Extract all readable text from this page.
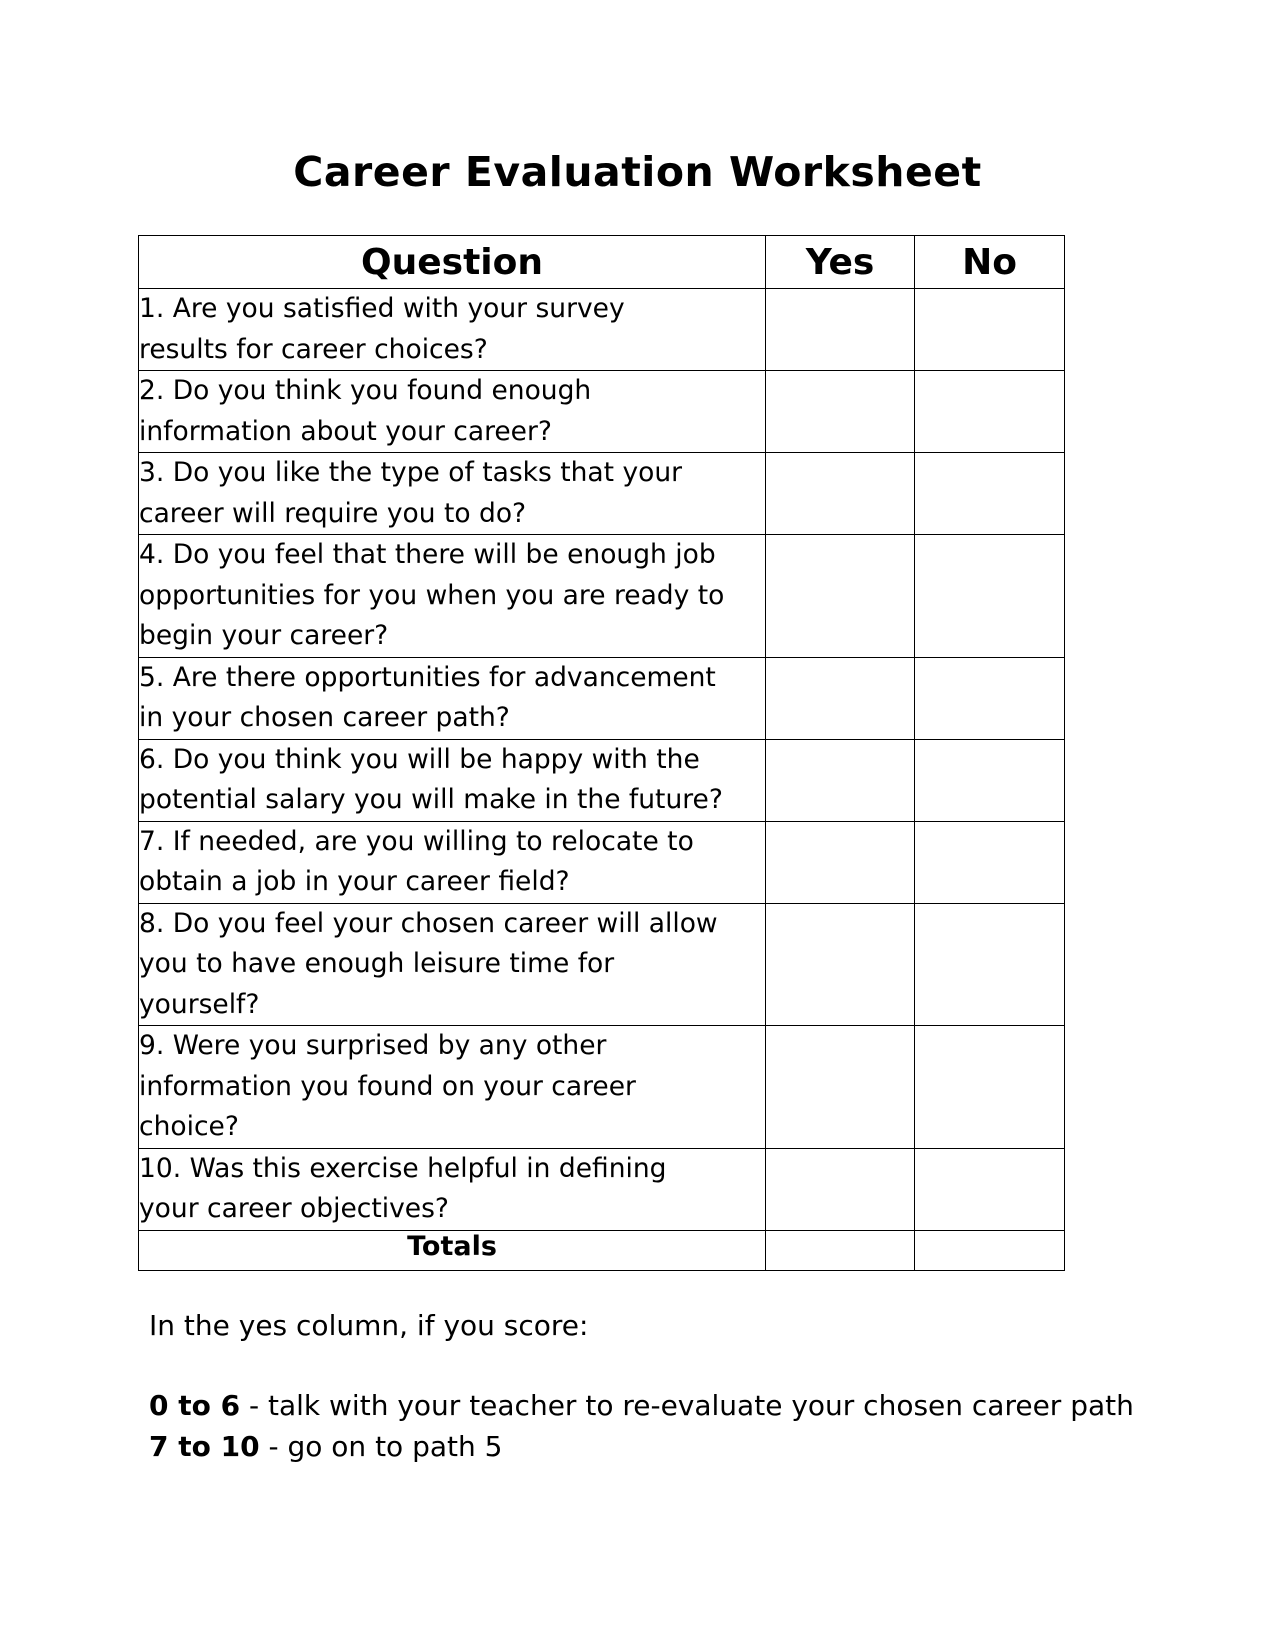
Career Evaluation Worksheet
Question	Yes	No
1. Are you satisfied with your survey
results for career choices?		
2. Do you think you found enough
information about your career?		
3. Do you like the type of tasks that your
career will require you to do?		
4. Do you feel that there will be enough job
opportunities for you when you are ready to
begin your career?		
5. Are there opportunities for advancement
in your chosen career path?		
6. Do you think you will be happy with the
potential salary you will make in the future?		
7. If needed, are you willing to relocate to
obtain a job in your career field?		
8. Do you feel your chosen career will allow
you to have enough leisure time for
yourself?		
9. Were you surprised by any other
information you found on your career
choice?		
10. Was this exercise helpful in defining
your career objectives?		
Totals		

In the yes column, if you score:

0 to 6 - talk with your teacher to re-evaluate your chosen career path

7 to 10 - go on to path 5
